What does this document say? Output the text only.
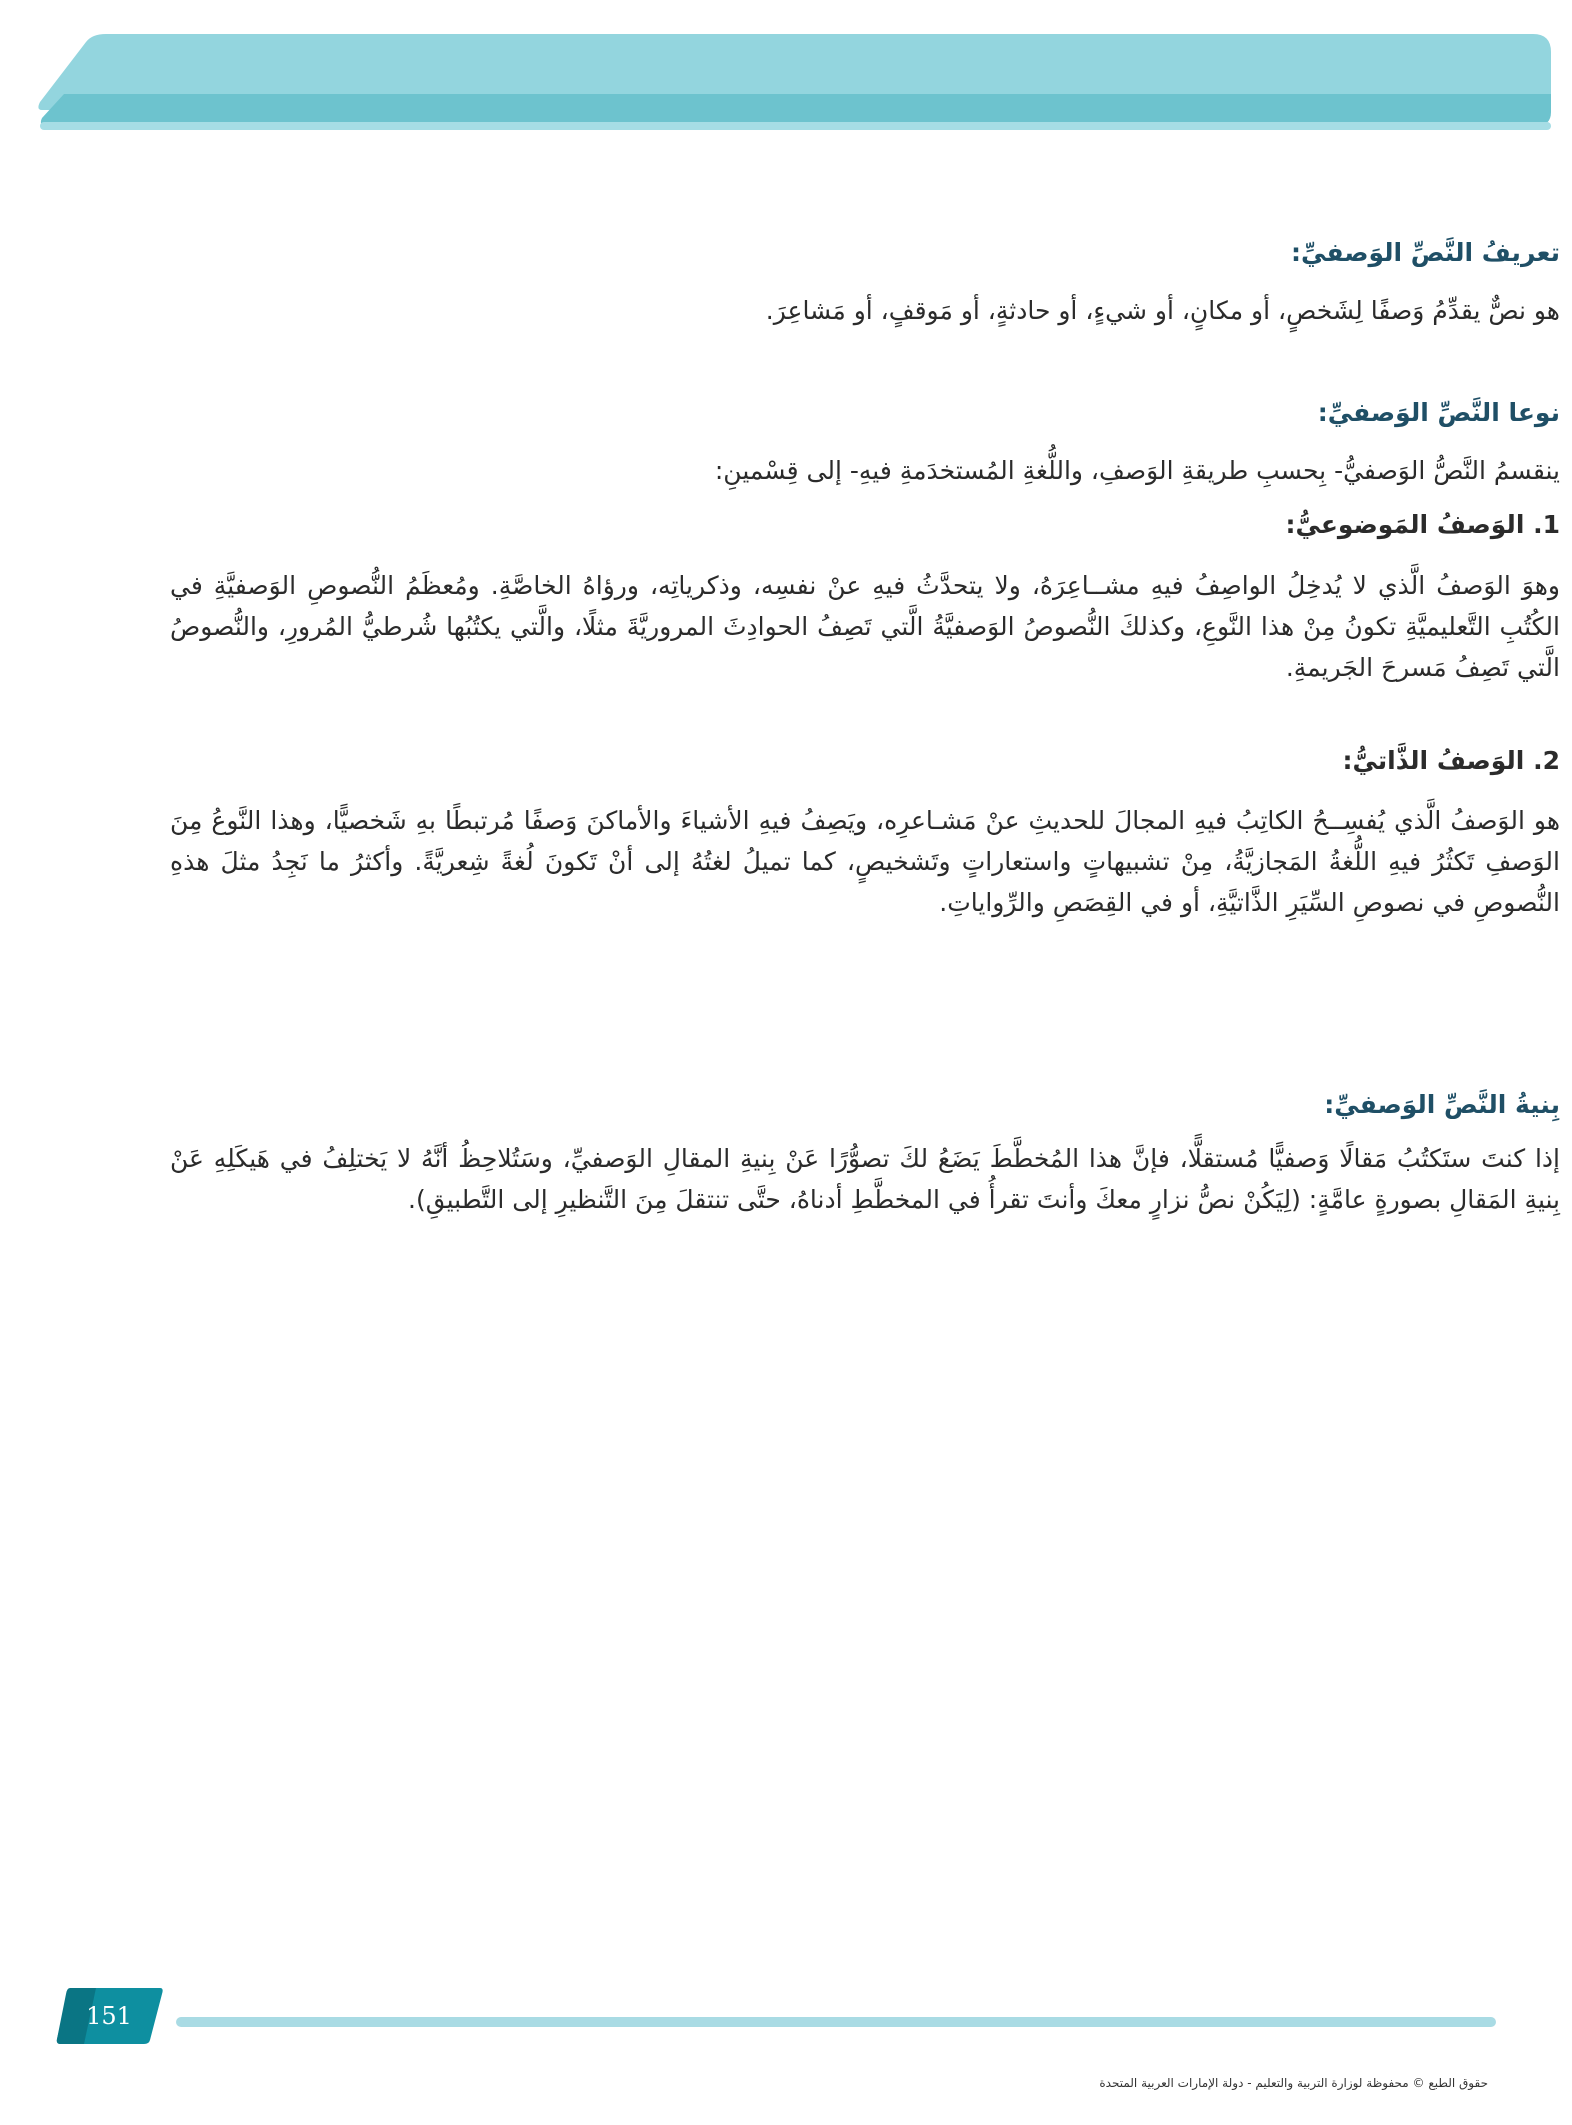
تعريفُ النَّصِّ الوَصفيِّ:
هو نصٌّ يقدِّمُ وَصفًا لِشَخصٍ، أو مكانٍ، أو شيءٍ، أو حادثةٍ، أو مَوقفٍ، أو مَشاعِرَ.
نوعا النَّصِّ الوَصفيِّ:
ينقسمُ النَّصُّ الوَصفيُّ- بِحسبِ طريقةِ الوَصفِ، واللُّغةِ المُستخدَمةِ فيهِ- إلى قِسْمينِ:
1. الوَصفُ المَوضوعيُّ:
وهوَ الوَصفُ الَّذي لا يُدخِلُ الواصِفُ فيهِ مشــاعِرَهُ، ولا يتحدَّثُ فيهِ عنْ نفسِه، وذكرياتِه، ورؤاهُ الخاصَّةِ. ومُعظَمُ النُّصوصِ الوَصفيَّةِ في الكُتُبِ التَّعليميَّةِ تكونُ مِنْ هذا النَّوعِ، وكذلكَ النُّصوصُ الوَصفيَّةُ الَّتي تَصِفُ الحوادِثَ المروريَّةَ مثلًا، والَّتي يكتُبُها شُرطيُّ المُرورِ، والنُّصوصُ الَّتي تَصِفُ مَسرحَ الجَريمةِ.
2. الوَصفُ الذَّاتيُّ:
هو الوَصفُ الَّذي يُفسِــحُ الكاتِبُ فيهِ المجالَ للحديثِ عنْ مَشـاعرِه، ويَصِفُ فيهِ الأشياءَ والأماكنَ وَصفًا مُرتبطًا بهِ شَخصيًّا، وهذا النَّوعُ مِنَ الوَصفِ تَكثُرُ فيهِ اللُّغةُ المَجازيَّةُ، مِنْ تشبيهاتٍ واستعاراتٍ وتَشخيصٍ، كما تميلُ لغتُهُ إلى أنْ تَكونَ لُغةً شِعريَّةً. وأكثرُ ما نَجِدُ مثلَ هذهِ النُّصوصِ في نصوصِ السِّيَرِ الذَّاتيَّةِ، أو في القِصَصِ والرِّواياتِ.
بِنيةُ النَّصِّ الوَصفيِّ:
إذا كنتَ ستَكتُبُ مَقالًا وَصفيًّا مُستقلًّا، فإنَّ هذا المُخطَّطَ يَضَعُ لكَ تصوُّرًا عَنْ بِنيةِ المقالِ الوَصفيِّ، وسَتُلاحِظُ أنَّهُ لا يَختلِفُ في هَيكَلِهِ عَنْ بِنيةِ المَقالِ بصورةٍ عامَّةٍ: (لِيَكُنْ نصُّ نزارٍ معكَ وأنتَ تقرأُ في المخطَّطِ أدناهُ، حتَّى تنتقلَ مِنَ التَّنظيرِ إلى التَّطبيقِ).
151
حقوق الطبع © محفوظة لوزارة التربية والتعليم - دولة الإمارات العربية المتحدة
